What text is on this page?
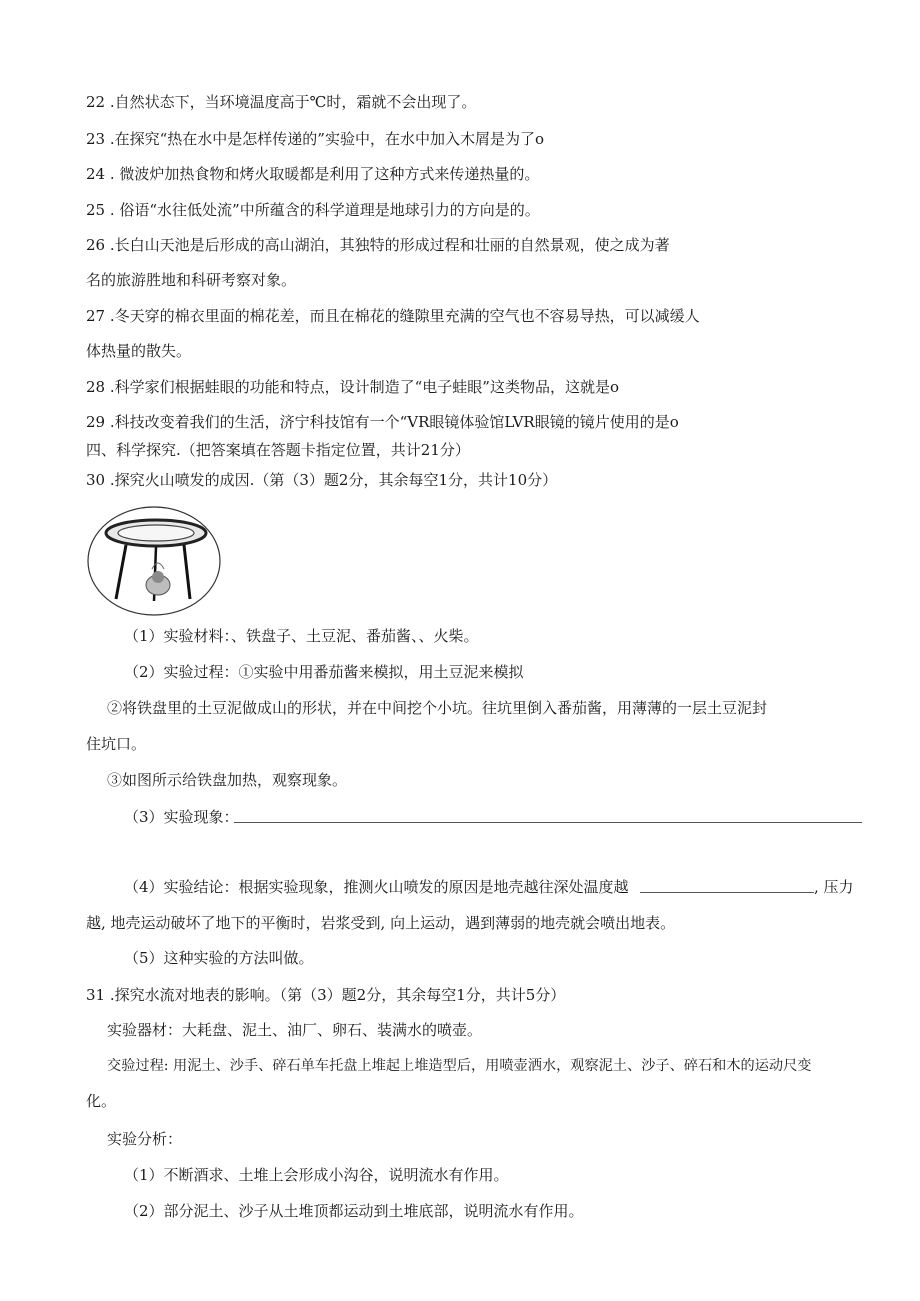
22 .自然状态下，当环境温度高于℃时，霜就不会出现了。
23 .在探究“热在水中是怎样传递的”实验中，在水中加入木屑是为了o
24 . 微波炉加热食物和烤火取暖都是利用了这种方式来传递热量的。
25 . 俗语“水往低处流”中所蕴含的科学道理是地球引力的方向是的。
26 .长白山天池是后形成的高山湖泊，其独特的形成过程和壮丽的自然景观，使之成为著
名的旅游胜地和科研考察对象。
27 .冬天穿的棉衣里面的棉花差，而且在棉花的缝隙里充满的空气也不容易导热，可以减缓人
体热量的散失。
28 .科学家们根据蛙眼的功能和特点，设计制造了“电子蛙眼”这类物品，这就是o
29 .科技改变着我们的生活，济宁科技馆有一个“VR眼镜体验馆LVR眼镜的镜片使用的是o
四、科学探究.（把答案填在答题卡指定位置，共计21分）
30 .探究火山喷发的成因.（第（3）题2分，其余每空1分，共计10分）
（1）实验材料：、铁盘子、土豆泥、番茄酱、、火柴。
（2）实验过程：①实验中用番茄酱来模拟，用土豆泥来模拟
②将铁盘里的土豆泥做成山的形状，并在中间挖个小坑。往坑里倒入番茄酱，用薄薄的一层土豆泥封
住坑口。
③如图所示给铁盘加热，观察现象。
（3）实验现象：
（4）实验结论：根据实验现象，推测火山喷发的原因是地壳越往深处温度越	, 压力
越, 地壳运动破坏了地下的平衡时，岩浆受到, 向上运动，遇到薄弱的地壳就会喷出地表。
（5）这种实验的方法叫做。
31 .探究水流对地表的影响。（第（3）题2分，其余每空1分，共计5分）
实验器材：大耗盘、泥土、油厂、卵石、装满水的喷壶。
交验过程: 用泥土、沙手、碎石单车托盘上堆起上堆造型后，用喷壶洒水，观察泥土、沙子、碎石和木的运动尺变
化。
实验分析：
（1）不断酒求、土堆上会形成小沟谷，说明流水有作用。
（2）部分泥土、沙子从土堆顶都运动到土堆底部，说明流水有作用。
